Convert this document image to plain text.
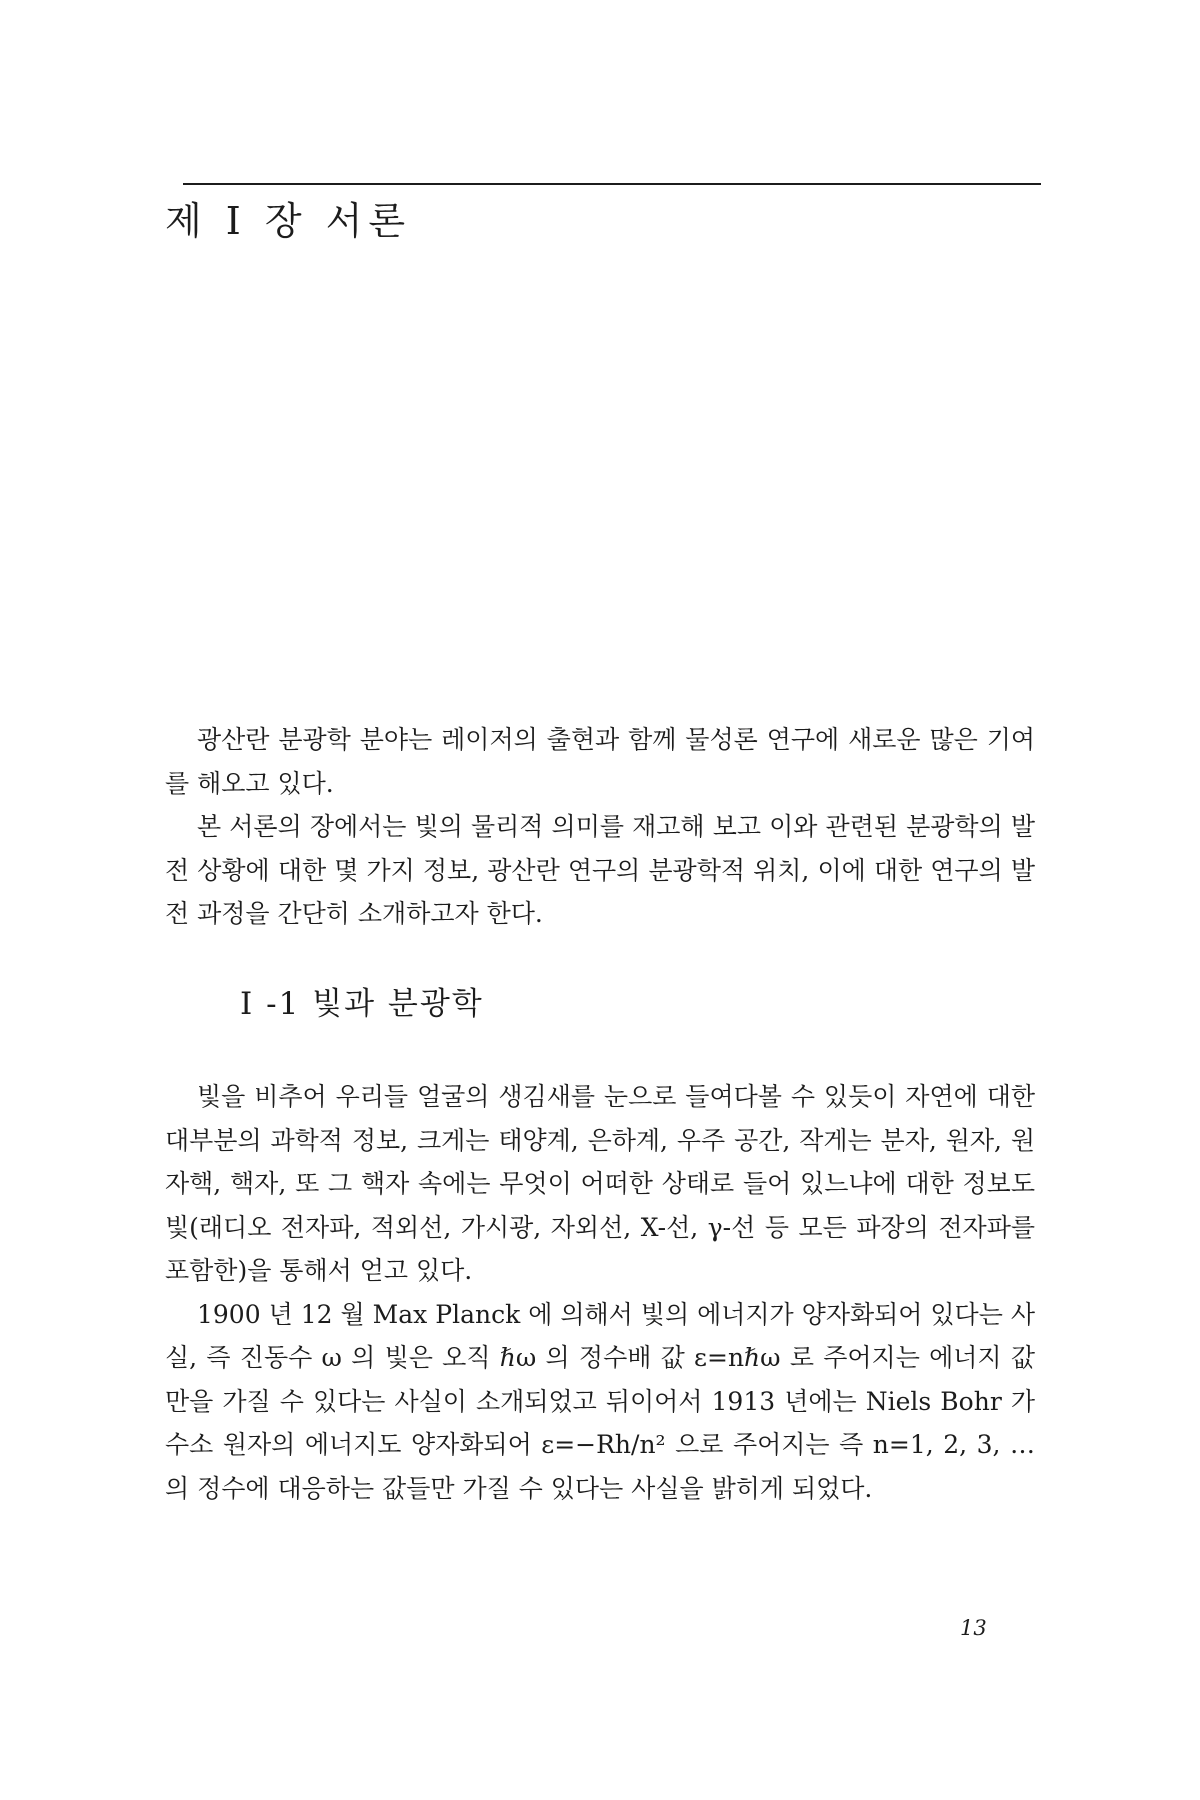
제 I 장 서론

광산란 분광학 분야는 레이저의 출현과 함께 물성론 연구에 새로운 많은 기여를 해오고 있다.

본 서론의 장에서는 빛의 물리적 의미를 재고해 보고 이와 관련된 분광학의 발전 상황에 대한 몇 가지 정보, 광산란 연구의 분광학적 위치, 이에 대한 연구의 발전 과정을 간단히 소개하고자 한다.

I -1 빛과 분광학

빛을 비추어 우리들 얼굴의 생김새를 눈으로 들여다볼 수 있듯이 자연에 대한 대부분의 과학적 정보, 크게는 태양계, 은하계, 우주 공간, 작게는 분자, 원자, 원자핵, 핵자, 또 그 핵자 속에는 무엇이 어떠한 상태로 들어 있느냐에 대한 정보도 빛(래디오 전자파, 적외선, 가시광, 자외선, X-선, γ-선 등 모든 파장의 전자파를 포함한)을 통해서 얻고 있다.

1900 년 12 월 Max Planck 에 의해서 빛의 에너지가 양자화되어 있다는 사실, 즉 진동수 ω 의 빛은 오직 ℏω 의 정수배 값 ε=nℏω 로 주어지는 에너지 값만을 가질 수 있다는 사실이 소개되었고 뒤이어서 1913 년에는 Niels Bohr 가 수소 원자의 에너지도 양자화되어 ε=−Rh/n² 으로 주어지는 즉 n=1, 2, 3, … 의 정수에 대응하는 값들만 가질 수 있다는 사실을 밝히게 되었다.

13
